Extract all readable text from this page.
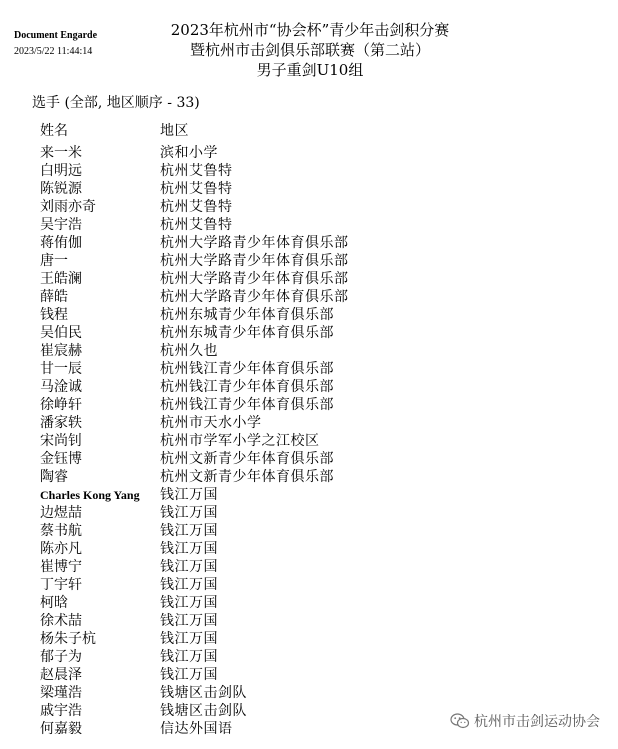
Document Engarde
2023/5/22 11:44:14
2023年杭州市“协会杯”青少年击剑积分赛
暨杭州市击剑俱乐部联赛（第二站）
男子重剑U10组
选手 (全部, 地区顺序 - 33)
姓名	地区
来一米	滨和小学
白明远	杭州艾鲁特
陈锐源	杭州艾鲁特
刘雨亦奇	杭州艾鲁特
吴宇浩	杭州艾鲁特
蒋侑伽	杭州大学路青少年体育俱乐部
唐一	杭州大学路青少年体育俱乐部
王皓澜	杭州大学路青少年体育俱乐部
薛皓	杭州大学路青少年体育俱乐部
钱程	杭州东城青少年体育俱乐部
吴伯民	杭州东城青少年体育俱乐部
崔宸赫	杭州久也
甘一辰	杭州钱江青少年体育俱乐部
马淦诚	杭州钱江青少年体育俱乐部
徐峥轩	杭州钱江青少年体育俱乐部
潘家轶	杭州市天水小学
宋尚钊	杭州市学军小学之江校区
金钰博	杭州文新青少年体育俱乐部
陶睿	杭州文新青少年体育俱乐部
Charles Kong Yang	钱江万国
边煜喆	钱江万国
蔡书航	钱江万国
陈亦凡	钱江万国
崔博宁	钱江万国
丁宇轩	钱江万国
柯晗	钱江万国
徐术喆	钱江万国
杨朱子杭	钱江万国
郁子为	钱江万国
赵晨泽	钱江万国
梁瑾浩	钱塘区击剑队
戚宇浩	钱塘区击剑队
何嘉毅	信达外国语	杭州市击剑运动协会
